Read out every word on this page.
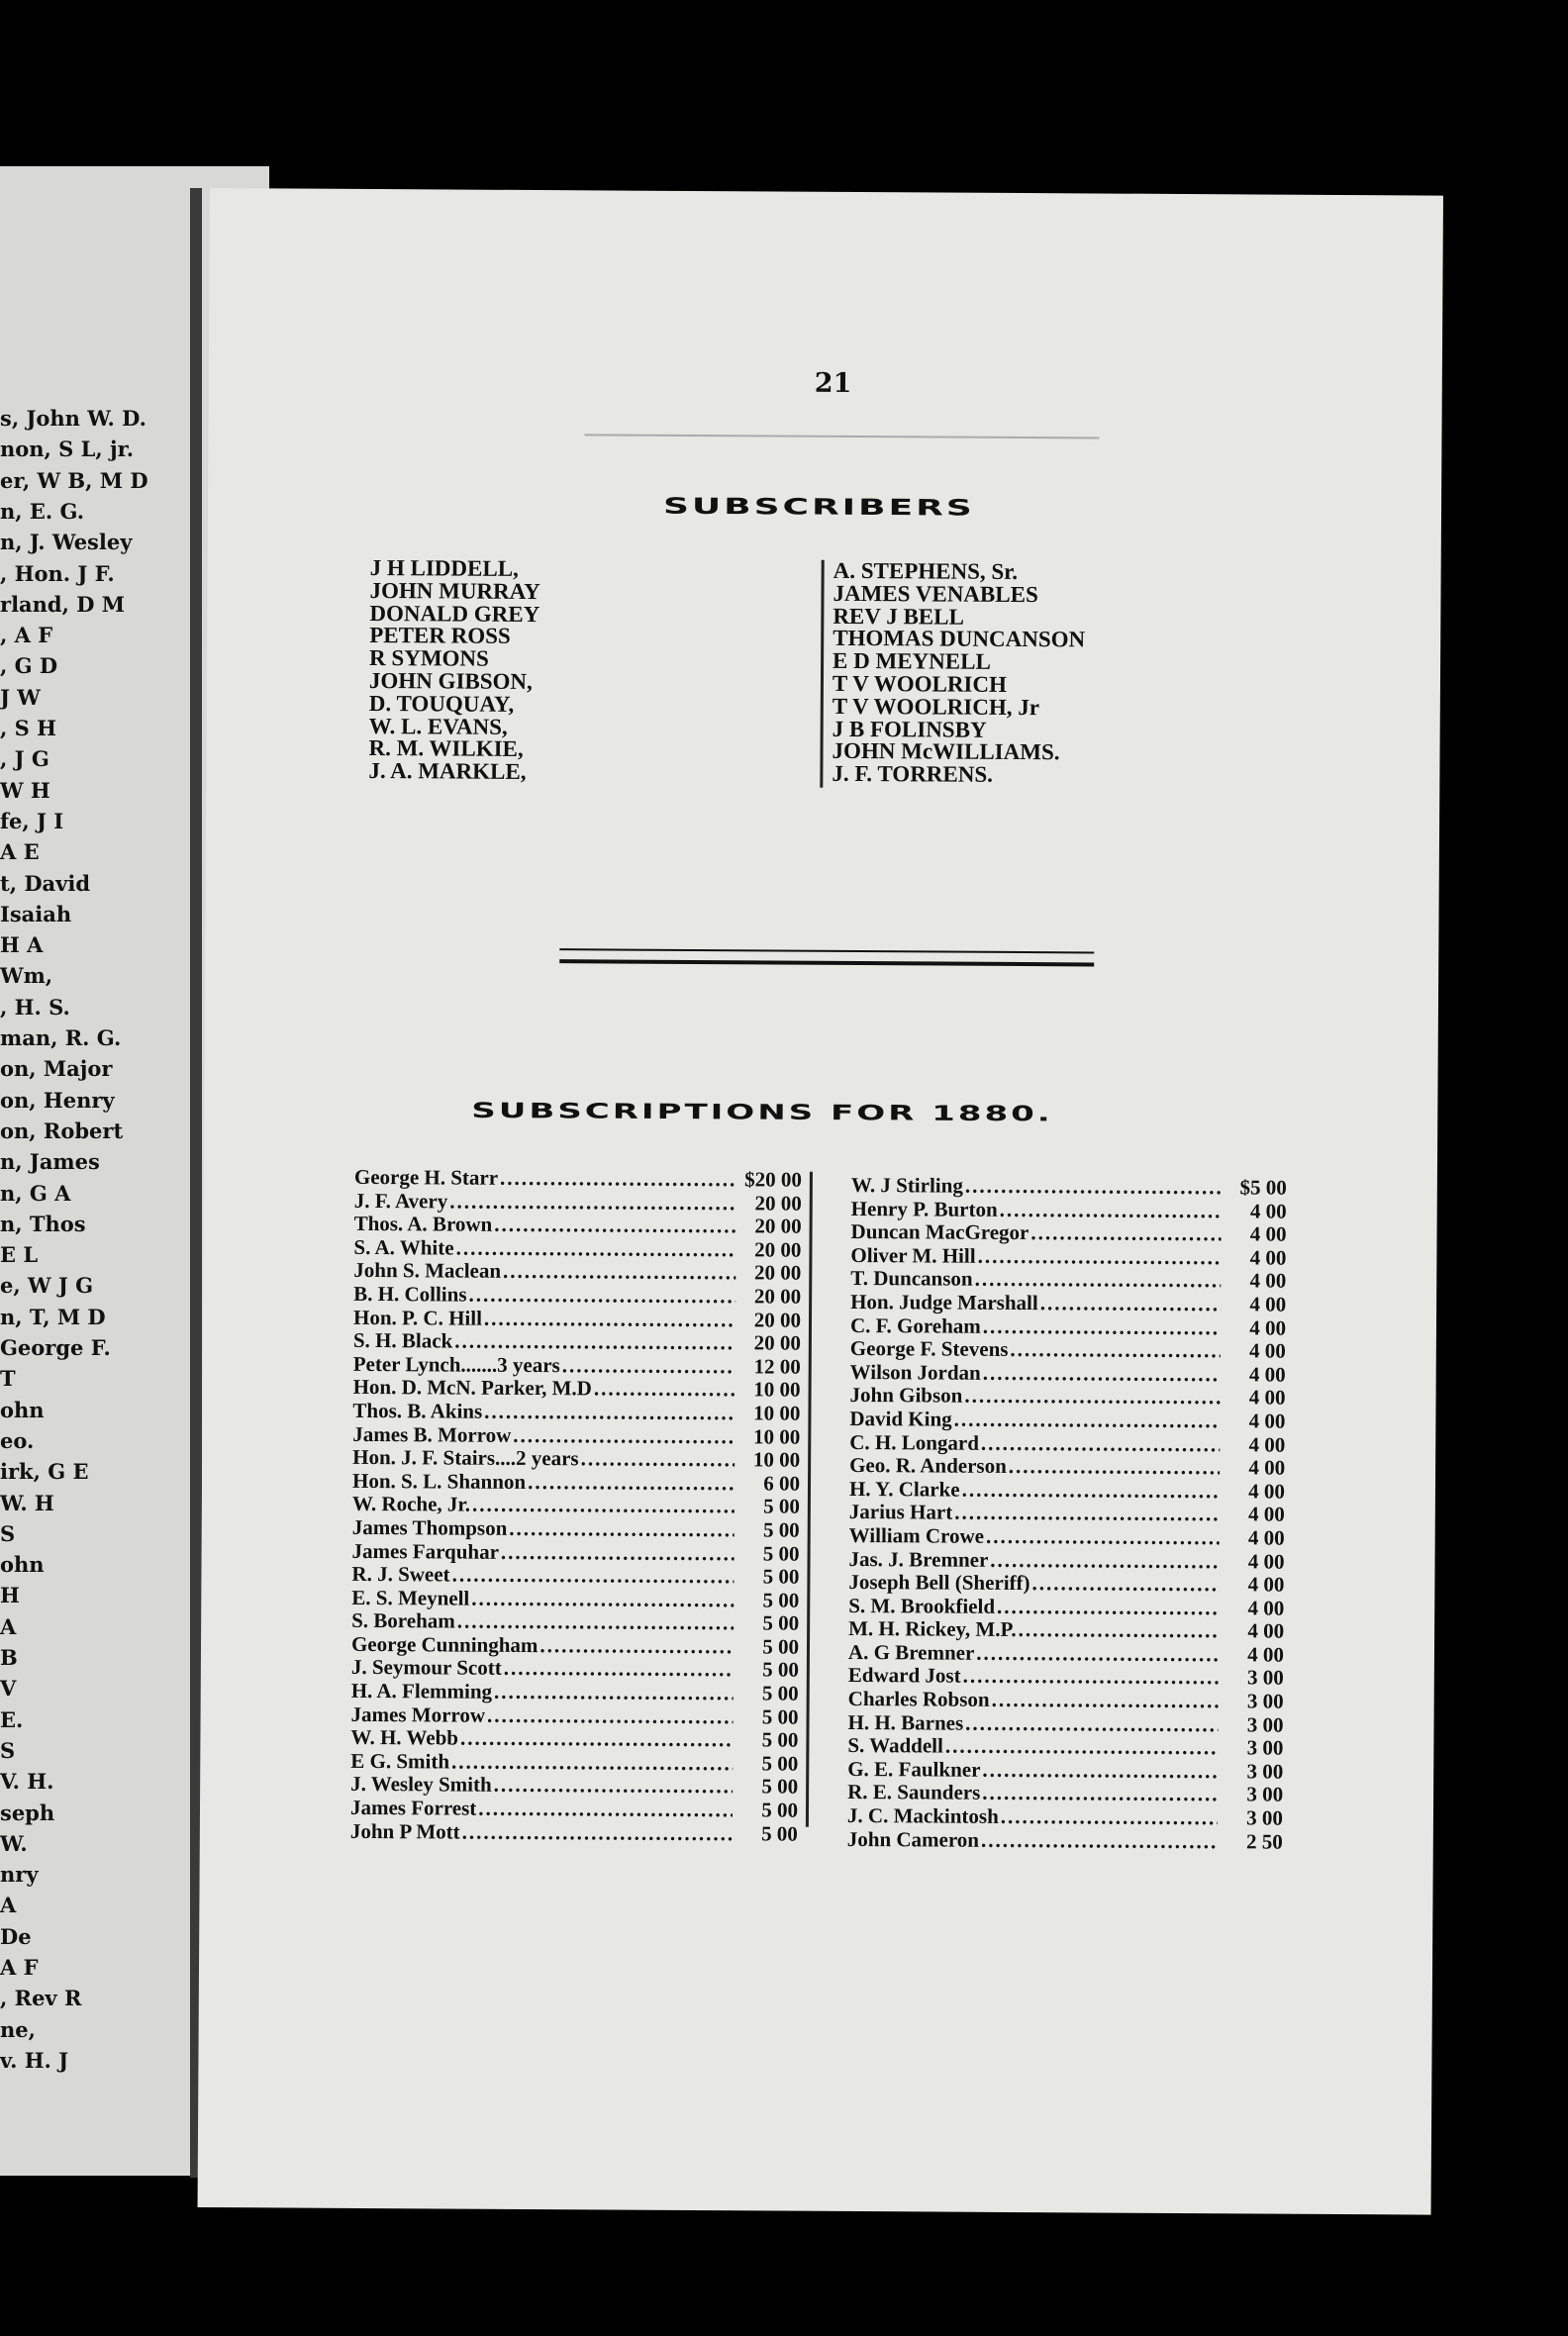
s, John W. D.
non, S L, jr.
er, W B, M D
n, E. G.
n, J. Wesley
, Hon. J F.
rland, D M
, A F
, G D
J W
, S H
, J G
W H
fe, J I
A E
t, David
Isaiah
H A
Wm,
, H. S.
man, R. G.
on, Major
on, Henry
on, Robert
n, James
n, G A
n, Thos
E L
e, W J G
n, T, M D
George F.
T
ohn
eo.
irk, G E
W. H
S
ohn
H
A
B
V
E.
S
V. H.
seph
W.
nry
A
De
A F
, Rev R
ne,
v. H. J
21
SUBSCRIBERS
J H LIDDELL,
JOHN MURRAY
DONALD GREY
PETER ROSS
R SYMONS
JOHN GIBSON,
D. TOUQUAY,
W. L. EVANS,
R. M. WILKIE,
J. A. MARKLE,
A. STEPHENS, Sr.
JAMES VENABLES
REV J BELL
THOMAS DUNCANSON
E D MEYNELL
T V WOOLRICH
T V WOOLRICH, Jr
J B FOLINSBY
JOHN McWILLIAMS.
J. F. TORRENS.
SUBSCRIPTIONS FOR 1880.
George H. Starr .....	$20 00
J. F. Avery .....	20 00
Thos. A. Brown .....	20 00
S. A. White .....	20 00
John S. Maclean .....	20 00
B. H. Collins .....	20 00
Hon. P. C. Hill .....	20 00
S. H. Black .....	20 00
Peter Lynch.......3 years .....	12 00
Hon. D. McN. Parker, M.D .....	10 00
Thos. B. Akins .....	10 00
James B. Morrow .....	10 00
Hon. J. F. Stairs....2 years .....	10 00
Hon. S. L. Shannon .....	6 00
W. Roche, Jr. .....	5 00
James Thompson .....	5 00
James Farquhar .....	5 00
R. J. Sweet .....	5 00
E. S. Meynell .....	5 00
S. Boreham .....	5 00
George Cunningham .....	5 00
J. Seymour Scott .....	5 00
H. A. Flemming .....	5 00
James Morrow .....	5 00
W. H. Webb .....	5 00
E G. Smith .....	5 00
J. Wesley Smith .....	5 00
James Forrest .....	5 00
John P Mott .....	5 00
W. J Stirling .....	$5 00
Henry P. Burton .....	4 00
Duncan MacGregor .....	4 00
Oliver M. Hill .....	4 00
T. Duncanson .....	4 00
Hon. Judge Marshall .....	4 00
C. F. Goreham .....	4 00
George F. Stevens .....	4 00
Wilson Jordan .....	4 00
John Gibson .....	4 00
David King .....	4 00
C. H. Longard .....	4 00
Geo. R. Anderson .....	4 00
H. Y. Clarke .....	4 00
Jarius Hart .....	4 00
William Crowe .....	4 00
Jas. J. Bremner .....	4 00
Joseph Bell (Sheriff) .....	4 00
S. M. Brookfield .....	4 00
M. H. Rickey, M.P. .....	4 00
A. G Bremner .....	4 00
Edward Jost .....	3 00
Charles Robson .....	3 00
H. H. Barnes .....	3 00
S. Waddell .....	3 00
G. E. Faulkner .....	3 00
R. E. Saunders .....	3 00
J. C. Mackintosh .....	3 00
John Cameron .....	2 50
